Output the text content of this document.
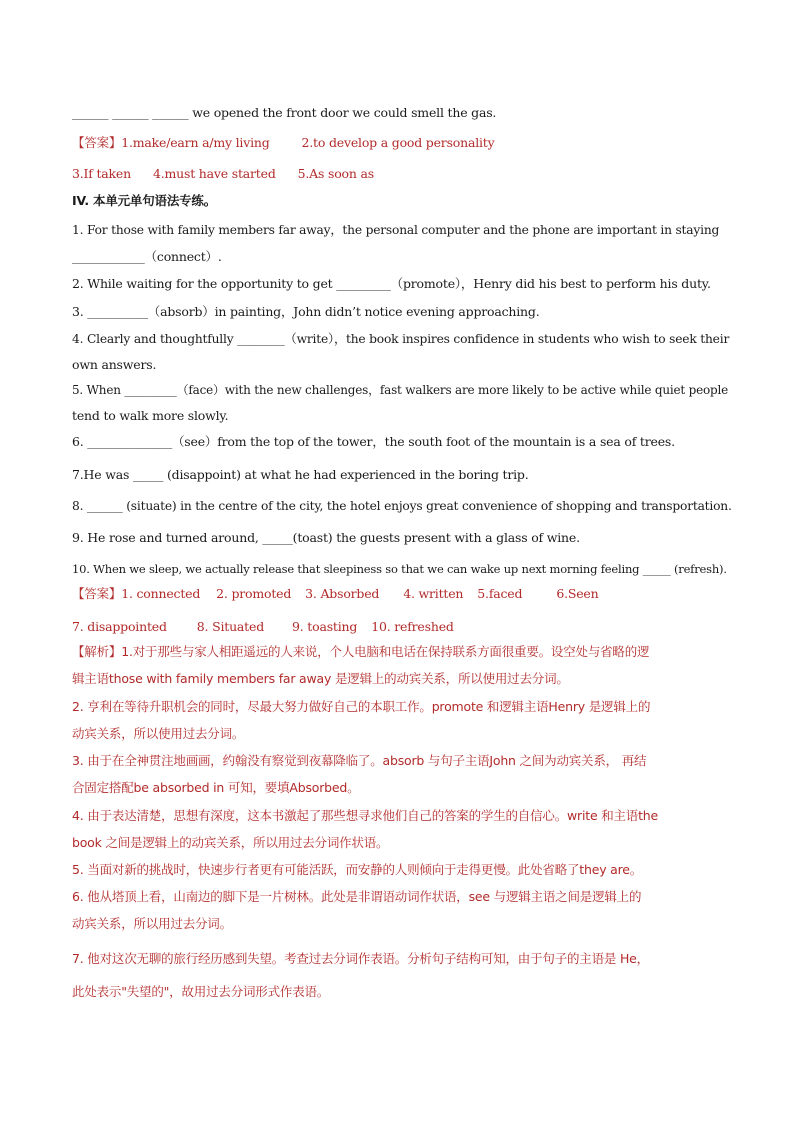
______ ______ ______ we opened the front door we could smell the gas.
【答案】1.make/earn a/my living	2.to develop a good personality
3.If taken 4.must have started 5.As soon as
IV. 本单元单句语法专练。
1. For those with family members far away，the personal computer and the phone are important in staying
____________（connect）.
2. While waiting for the opportunity to get _________（promote），Henry did his best to perform his duty.
3. __________（absorb）in painting，John didn’t notice evening approaching.
4. Clearly and thoughtfully ________（write），the book inspires confidence in students who wish to seek their
own answers.
5. When _________（face）with the new challenges，fast walkers are more likely to be active while quiet people
tend to walk more slowly.
6. ______________（see）from the top of the tower，the south foot of the mountain is a sea of trees.
7.He was _____ (disappoint) at what he had experienced in the boring trip.
8. ______ (situate) in the centre of the city, the hotel enjoys great convenience of shopping and transportation.
9. He rose and turned around, _____(toast) the guests present with a glass of wine.
10. When we sleep, we actually release that sleepiness so that we can wake up next morning feeling _____ (refresh).
【答案】1. connected 2. promoted 3. Absorbed 4. written 5.faced	6.Seen
7. disappointed 8. Situated 9. toasting 10. refreshed
【解析】1.对于那些与家人相距遥远的人来说，个人电脑和电话在保持联系方面很重要。设空处与省略的逻
辑主语those with family members far away 是逻辑上的动宾关系，所以使用过去分词。
2. 亨利在等待升职机会的同时，尽最大努力做好自己的本职工作。promote 和逻辑主语Henry 是逻辑上的
动宾关系，所以使用过去分词。
3. 由于在全神贯注地画画，约翰没有察觉到夜幕降临了。absorb 与句子主语John 之间为动宾关系， 再结
合固定搭配be absorbed in 可知，要填Absorbed。
4. 由于表达清楚，思想有深度，这本书激起了那些想寻求他们自己的答案的学生的自信心。write 和主语the
book 之间是逻辑上的动宾关系，所以用过去分词作状语。
5. 当面对新的挑战时，快速步行者更有可能活跃，而安静的人则倾向于走得更慢。此处省略了they are。
6. 他从塔顶上看，山南边的脚下是一片树林。此处是非谓语动词作状语，see 与逻辑主语之间是逻辑上的
动宾关系，所以用过去分词。
7. 他对这次无聊的旅行经历感到失望。考查过去分词作表语。分析句子结构可知，由于句子的主语是 He，
此处表示"失望的"，故用过去分词形式作表语。
